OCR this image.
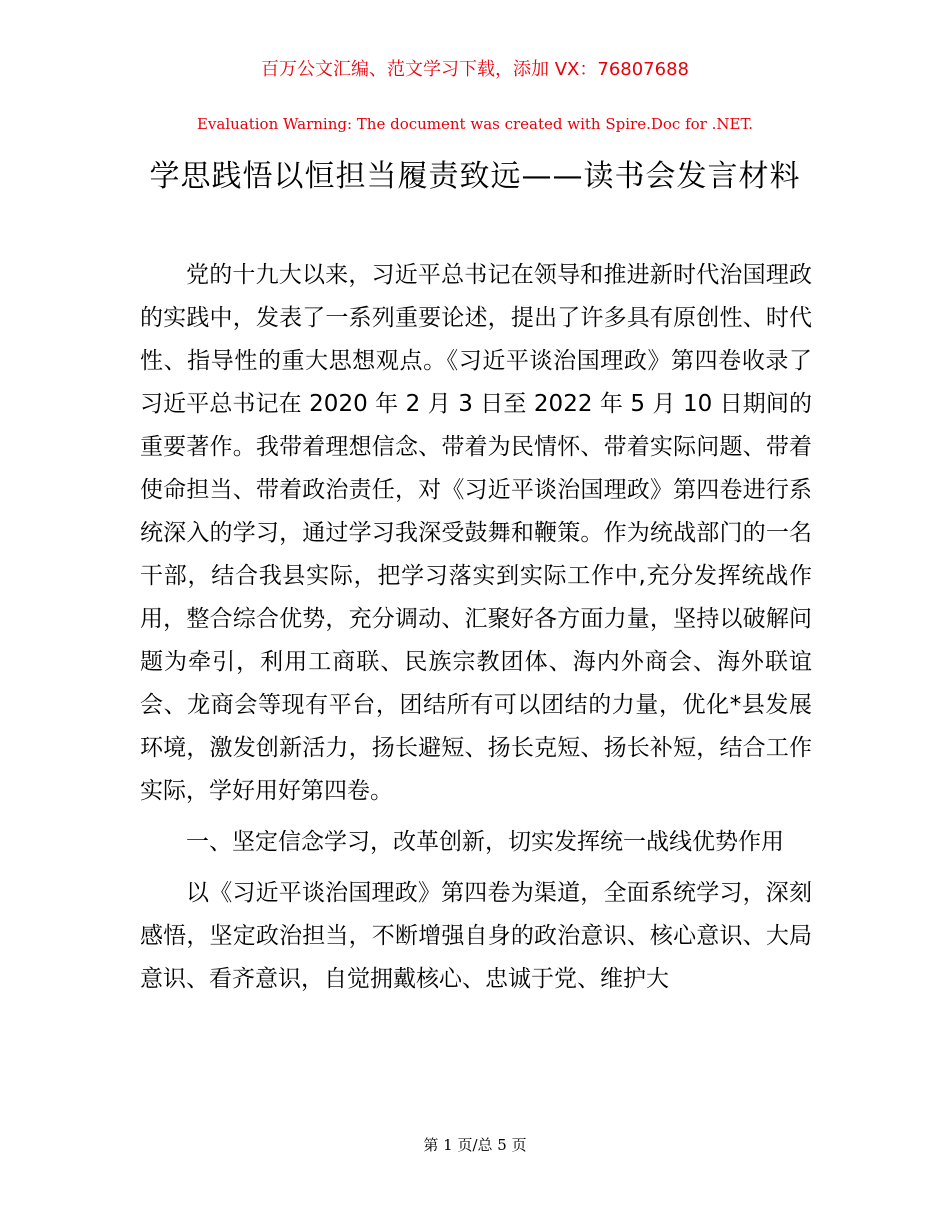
百万公文汇编、范文学习下载，添加 VX：76807688
Evaluation Warning: The document was created with Spire.Doc for .NET.
学思践悟以恒担当履责致远——读书会发言材料

党的十九大以来，习近平总书记在领导和推进新时代治国理政的实践中，发表了一系列重要论述，提出了许多具有原创性、时代性、指导性的重大思想观点。《习近平谈治国理政》第四卷收录了习近平总书记在 2020 年 2 月 3 日至 2022 年 5 月 10 日期间的重要著作。我带着理想信念、带着为民情怀、带着实际问题、带着使命担当、带着政治责任，对《习近平谈治国理政》第四卷进行系统深入的学习，通过学习我深受鼓舞和鞭策。作为统战部门的一名干部，结合我县实际，把学习落实到实际工作中,充分发挥统战作用，整合综合优势，充分调动、汇聚好各方面力量，坚持以破解问题为牵引，利用工商联、民族宗教团体、海内外商会、海外联谊会、龙商会等现有平台，团结所有可以团结的力量，优化*县发展环境，激发创新活力，扬长避短、扬长克短、扬长补短，结合工作实际，学好用好第四卷。

一、坚定信念学习，改革创新，切实发挥统一战线优势作用

以《习近平谈治国理政》第四卷为渠道，全面系统学习，深刻感悟，坚定政治担当，不断增强自身的政治意识、核心意识、大局意识、看齐意识，自觉拥戴核心、忠诚于党、维护大

第 1 页/总 5 页
